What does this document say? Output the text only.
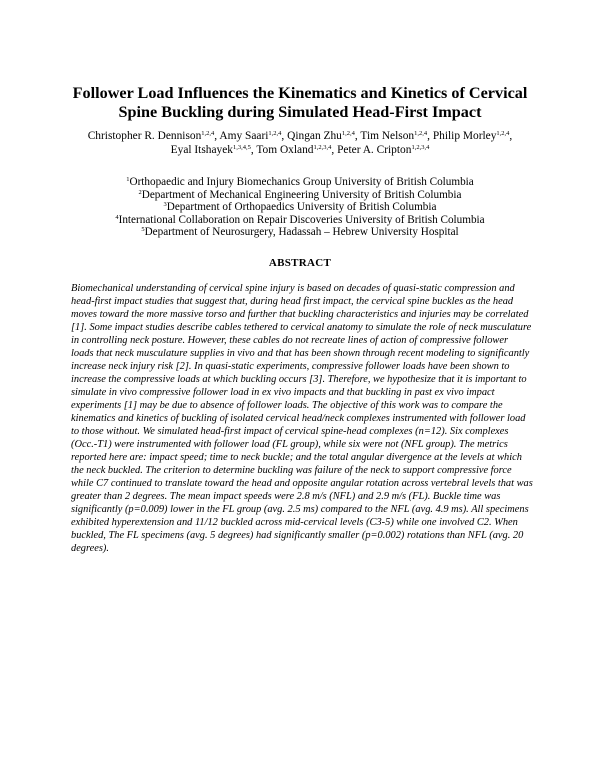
Follower Load Influences the Kinematics and Kinetics of Cervical Spine Buckling during Simulated Head-First Impact
Christopher R. Dennison$^{1,2,4}$, Amy Saari$^{1,2,4}$, Qingan Zhu$^{1,2,4}$, Tim Nelson$^{1,2,4}$, Philip Morley$^{1,2,4}$, Eyal Itshayek$^{1,3,4,5}$, Tom Oxland$^{1,2,3,4}$, Peter A. Cripton$^{1,2,3,4}$
$^1$Orthopaedic and Injury Biomechanics Group University of British Columbia
$^2$Department of Mechanical Engineering University of British Columbia
$^3$Department of Orthopaedics University of British Columbia
$^4$International Collaboration on Repair Discoveries University of British Columbia
$^5$Department of Neurosurgery, Hadassah – Hebrew University Hospital
ABSTRACT

Biomechanical understanding of cervical spine injury is based on decades of quasi-static compression and head-first impact studies that suggest that, during head first impact, the cervical spine buckles as the head moves toward the more massive torso and further that buckling characteristics and injuries may be correlated [1]. Some impact studies describe cables tethered to cervical anatomy to simulate the role of neck musculature in controlling neck posture. However, these cables do not recreate lines of action of compressive follower loads that neck musculature supplies in vivo and that has been shown through recent modeling to significantly increase neck injury risk [2]. In quasi-static experiments, compressive follower loads have been shown to increase the compressive loads at which buckling occurs [3]. Therefore, we hypothesize that it is important to simulate in vivo compressive follower load in ex vivo impacts and that buckling in past ex vivo impact experiments [1] may be due to absence of follower loads. The objective of this work was to compare the kinematics and kinetics of buckling of isolated cervical head/neck complexes instrumented with follower load to those without. We simulated head-first impact of cervical spine-head complexes (n=12). Six complexes (Occ.-T1) were instrumented with follower load (FL group), while six were not (NFL group). The metrics reported here are: impact speed; time to neck buckle; and the total angular divergence at the levels at which the neck buckled. The criterion to determine buckling was failure of the neck to support compressive force while C7 continued to translate toward the head and opposite angular rotation across vertebral levels that was greater than 2 degrees. The mean impact speeds were 2.8 m/s (NFL) and 2.9 m/s (FL). Buckle time was significantly (p=0.009) lower in the FL group (avg. 2.5 ms) compared to the NFL (avg. 4.9 ms). All specimens exhibited hyperextension and 11/12 buckled across mid-cervical levels (C3-5) while one involved C2. When buckled, The FL specimens (avg. 5 degrees) had significantly smaller (p=0.002) rotations than NFL (avg. 20 degrees).
